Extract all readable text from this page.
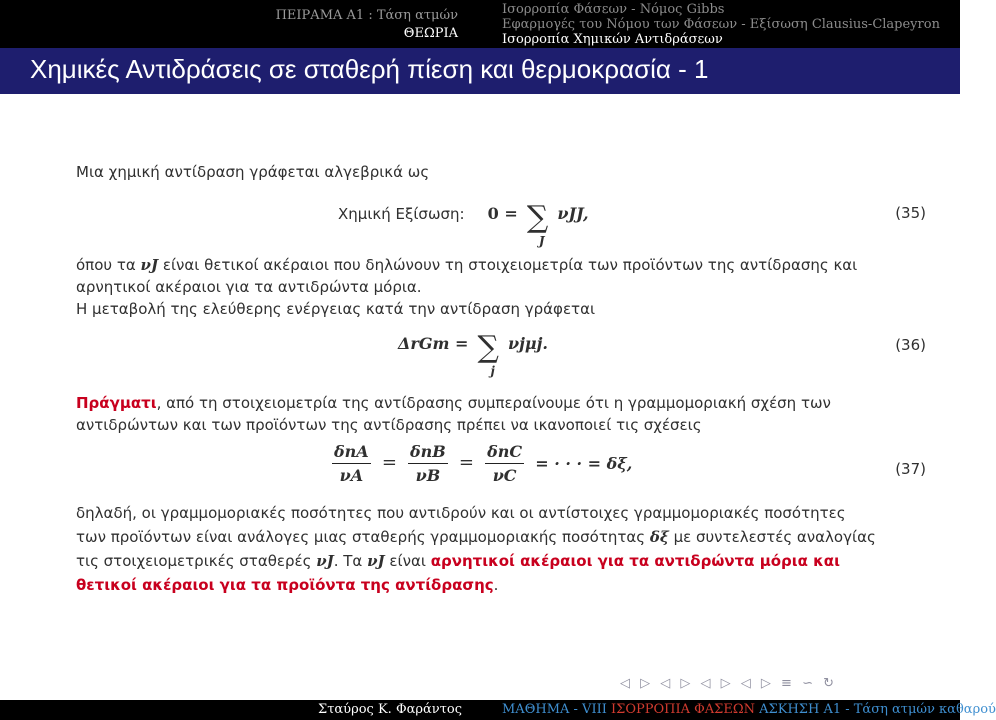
ΠΕΙΡΑΜΑ Α1 : Τάση ατμών
ΘΕΩΡΙΑ
Ισορροπία Φάσεων - Νόμος Gibbs
Εφαρμογές του Νόμου των Φάσεων - Εξίσωση Clausius-Clapeyron
Ισορροπία Χημικών Αντιδράσεων
Χημικές Αντιδράσεις σε σταθερή πίεση και θερμοκρασία - 1
Μια χημική αντίδραση γράφεται αλγεβρικά ως
Χημική Εξίσωση: 0 = ∑
J
νJJ,	(35)
όπου τα νJ είναι θετικοί ακέραιοι που δηλώνουν τη στοιχειομετρία των προϊόντων της αντίδρασης και
αρνητικοί ακέραιοι για τα αντιδρώντα μόρια.
Η μεταβολή της ελεύθερης ενέργειας κατά την αντίδραση γράφεται
ΔrGm = ∑
j
νjμj.	(36)
Πράγματι, από τη στοιχειομετρία της αντίδρασης συμπεραίνουμε ότι η γραμμομοριακή σχέση των
αντιδρώντων και των προϊόντων της αντίδρασης πρέπει να ικανοποιεί τις σχέσεις
$\frac{\text{δnA}}{\nu A} = \frac{\text{δnB}}{\nu B} = \frac{\text{δnC}}{\nu C}$ = · · · = δξ,	(37)
δηλαδή, οι γραμμομοριακές ποσότητες που αντιδρούν και οι αντίστοιχες γραμμομοριακές ποσότητες
των προϊόντων είναι ανάλογες μιας σταθερής γραμμομοριακής ποσότητας δξ με συντελεστές αναλογίας
τις στοιχειομετρικές σταθερές νJ. Τα νJ είναι αρνητικοί ακέραιοι για τα αντιδρώντα μόρια και
θετικοί ακέραιοι για τα προϊόντα της αντίδρασης.
◁ ▷ ◁ ▷ ◁ ▷ ◁ ▷ ≡ ∽ ↻
Σταύρος Κ. Φαράντος	ΜΑΘΗΜΑ - VIII ΙΣΟΡΡΟΠΙΑ ΦΑΣΕΩΝ ΑΣΚΗΣΗ Α1 - Τάση ατμών καθαρού
